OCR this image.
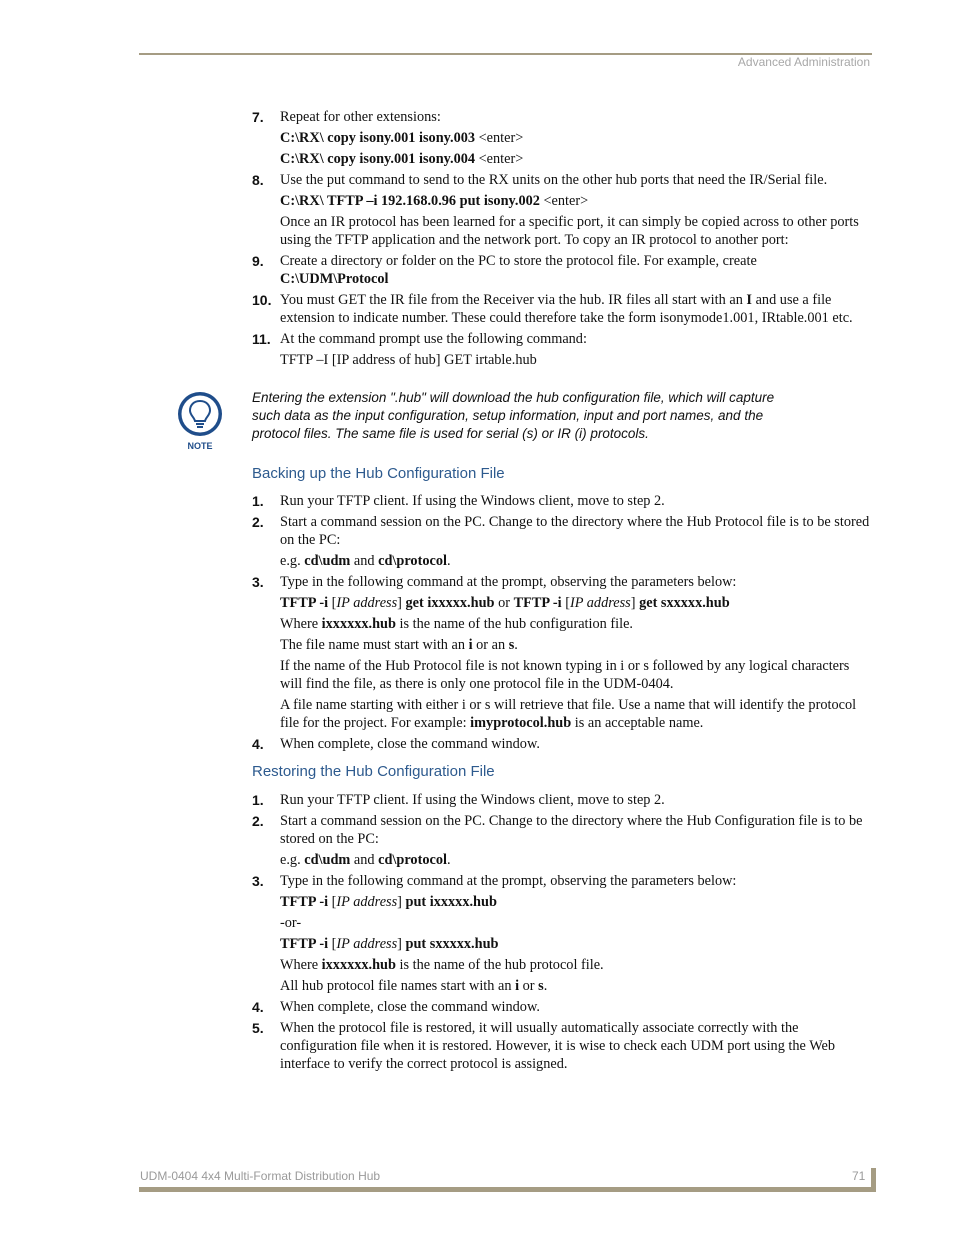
Advanced Administration
7. Repeat for other extensions:
C:\RX\ copy isony.001 isony.003 <enter>
C:\RX\ copy isony.001 isony.004 <enter>
8. Use the put command to send to the RX units on the other hub ports that need the IR/Serial file.
C:\RX\ TFTP –i 192.168.0.96 put isony.002 <enter>
Once an IR protocol has been learned for a specific port, it can simply be copied across to other ports using the TFTP application and the network port. To copy an IR protocol to another port:
9. Create a directory or folder on the PC to store the protocol file. For example, create
C:\UDM\Protocol
10. You must GET the IR file from the Receiver via the hub. IR files all start with an I and use a file extension to indicate number. These could therefore take the form isonymode1.001, IRtable.001 etc.
11. At the command prompt use the following command:
TFTP –I [IP address of hub] GET irtable.hub
NOTE
Entering the extension ".hub" will download the hub configuration file, which will capture such data as the input configuration, setup information, input and port names, and the protocol files. The same file is used for serial (s) or IR (i) protocols.
Backing up the Hub Configuration File
1. Run your TFTP client. If using the Windows client, move to step 2.
2. Start a command session on the PC. Change to the directory where the Hub Protocol file is to be stored on the PC:
e.g. cd\udm and cd\protocol.
3. Type in the following command at the prompt, observing the parameters below:
TFTP -i [IP address] get ixxxxx.hub or TFTP -i [IP address] get sxxxxx.hub
Where ixxxxxx.hub is the name of the hub configuration file.
The file name must start with an i or an s.
If the name of the Hub Protocol file is not known typing in i or s followed by any logical characters will find the file, as there is only one protocol file in the UDM-0404.
A file name starting with either i or s will retrieve that file. Use a name that will identify the protocol file for the project. For example: imyprotocol.hub is an acceptable name.
4. When complete, close the command window.
Restoring the Hub Configuration File
1. Run your TFTP client. If using the Windows client, move to step 2.
2. Start a command session on the PC. Change to the directory where the Hub Configuration file is to be stored on the PC:
e.g. cd\udm and cd\protocol.
3. Type in the following command at the prompt, observing the parameters below:
TFTP -i [IP address] put ixxxxx.hub
-or-
TFTP -i [IP address] put sxxxxx.hub
Where ixxxxxx.hub is the name of the hub protocol file.
All hub protocol file names start with an i or s.
4. When complete, close the command window.
5. When the protocol file is restored, it will usually automatically associate correctly with the configuration file when it is restored. However, it is wise to check each UDM port using the Web interface to verify the correct protocol is assigned.
UDM-0404 4x4 Multi-Format Distribution Hub	71
